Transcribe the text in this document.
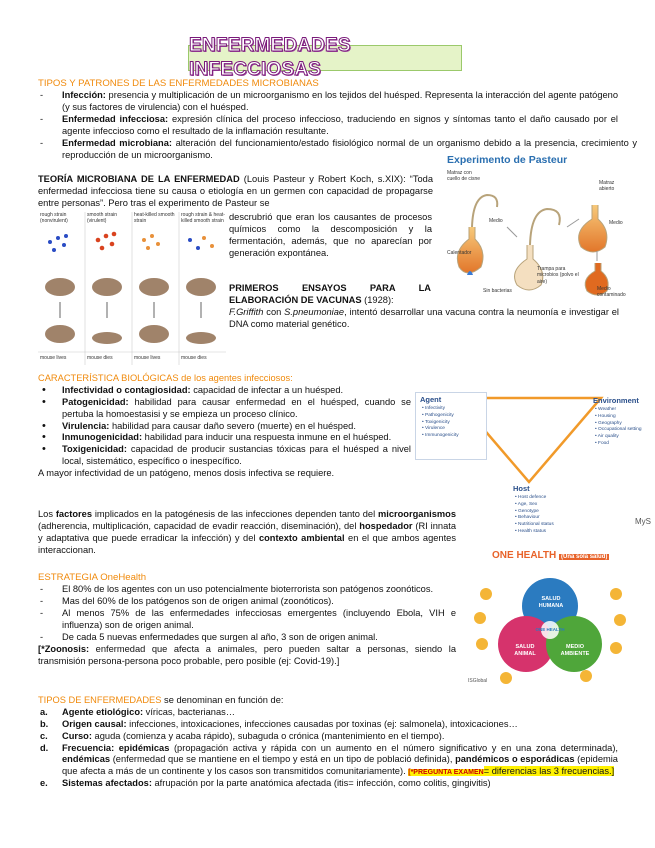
ENFERMEDADES INFECCIOSAS
TIPOS Y PATRONES DE LAS ENFERMEDADES MICROBIANAS
- Infección: presencia y multiplicación de un microorganismo en los tejidos del huésped. Representa la interacción del agente patógeno (y sus factores de virulencia) con el huésped.
- Enfermedad infecciosa: expresión clínica del proceso infeccioso, traduciendo en signos y síntomas tanto el daño causado por el agente infeccioso como el resultado de la inflamación resultante.
- Enfermedad microbiana: alteración del funcionamiento/estado fisiológico normal de un organismo debido a la presencia, crecimiento y reproducción de un microorganismo.	Experimento de Pasteur
Matraz con cuello de cisne
Matraz abierto
Medio	Medio
Calentador
Sin bacterias
Trampa para microbios (polvo el aire)
Medio contaminado
TEORÍA MICROBIANA DE LA ENFERMEDAD (Louis Pasteur y Robert Koch, s.XIX): “Toda enfermedad infecciosa tiene su causa o etiología en un germen con capacidad de propagarse entre personas”. Pero tras el experimento de Pasteur se
rough strain (nonvirulent)
smooth strain (virulent)
heat-killed smooth strain
rough strain & heat-killed smooth strain
mouse lives	mouse dies	mouse lives	mouse dies
descrubrió que eran los causantes de procesos químicos como la descomposición y la fermentación, además, que no aparecían por generación expontánea.
PRIMEROS ENSAYOS PARA LA ELABORACIÓN DE VACUNAS (1928):
F.Griffith con S.pneumoniae, intentó desarrollar una vacuna contra la neumonía e investigar el DNA como material genético.
CARACTERÍSTICA BIOLÓGICAS de los agentes infecciosos:
• Infectividad o contagiosidad: capacidad de infectar a un huésped.
• Patogenicidad: habilidad para causar enfermedad en el huésped, cuando se pertuba la homoestasisi y se empieza un proceso clínico.
• Virulencia: habilidad para causar daño severo (muerte) en el huésped.
• Inmunogenicidad: habilidad para inducir una respuesta inmune en el huésped.
• Toxigenicidad: capacidad de producir sustancias tóxicas para el huésped a nivel local, sistemático, específico o inespecífico.
A mayor infectividad de un patógeno, menos dosis infectiva se requiere.
Los factores implicados en la patogénesis de las infecciones dependen tanto del microorganismos (adherencia, multiplicación, capacidad de evadir reacción, diseminación), del hospedador (RI innata y adaptativa que puede erradicar la infección) y del contexto ambiental en el que ambos agentes interaccionan.
Agent
• Infectivity
• Pathogenicity
• Toxigenicity
• Virulence
• Immunogenicity
Environment
• Weather
• Housing
• Geography
• Occupational setting
• Air quality
• Food
Host
• Host defence
• Age, Sex
• Genotype
• Behaviour
• Nutritional status
• Health status
MyS
ESTRATEGIA OneHealth
- El 80% de los agentes con un uso potencialmente bioterrorista son patógenos zoonóticos.
- Mas del 60% de los patógenos son de origen animal (zoonóticos).
- Al menos 75% de las enfermedades infecciosas emergentes (incluyendo Ebola, VIH e influenza) son de origen animal.
- De cada 5 nuevas enfermedades que surgen al año, 3 son de origen animal.
[*Zoonosis: enfermedad que afecta a animales, pero pueden saltar a personas, siendo la transmisión persona-persona poco probable, pero posible (ej: Covid-19).]
ONE HEALTH (Una sola salud)
SALUD HUMANA
SALUD ANIMAL
MEDIO AMBIENTE
ONE HEALTH
ISGlobal
TIPOS DE ENFERMEDADES se denominan en función de:
a. Agente etiológico: víricas, bacterianas…
b. Origen causal: infecciones, intoxicaciones, infecciones causadas por toxinas (ej: salmonela), intoxicaciones…
c. Curso: aguda (comienza y acaba rápido), subaguda o crónica (mantenimiento en el tiempo).
d. Frecuencia: epidémicas (propagación activa y rápida con un aumento en el número significativo y en una zona determinada), endémicas (enfermedad que se mantiene en el tiempo y está en un tipo de població definida), pandémicos o esporádicas (epidemia que afecta a más de un continente y los casos son transmitidos comunitariamente). [*PREGUNTA EXAMEN= diferencias las 3 frecuencias.]
e. Sistemas afectados: afrupación por la parte anatómica afectada (itis= infección, como colitis, gingivitis)
